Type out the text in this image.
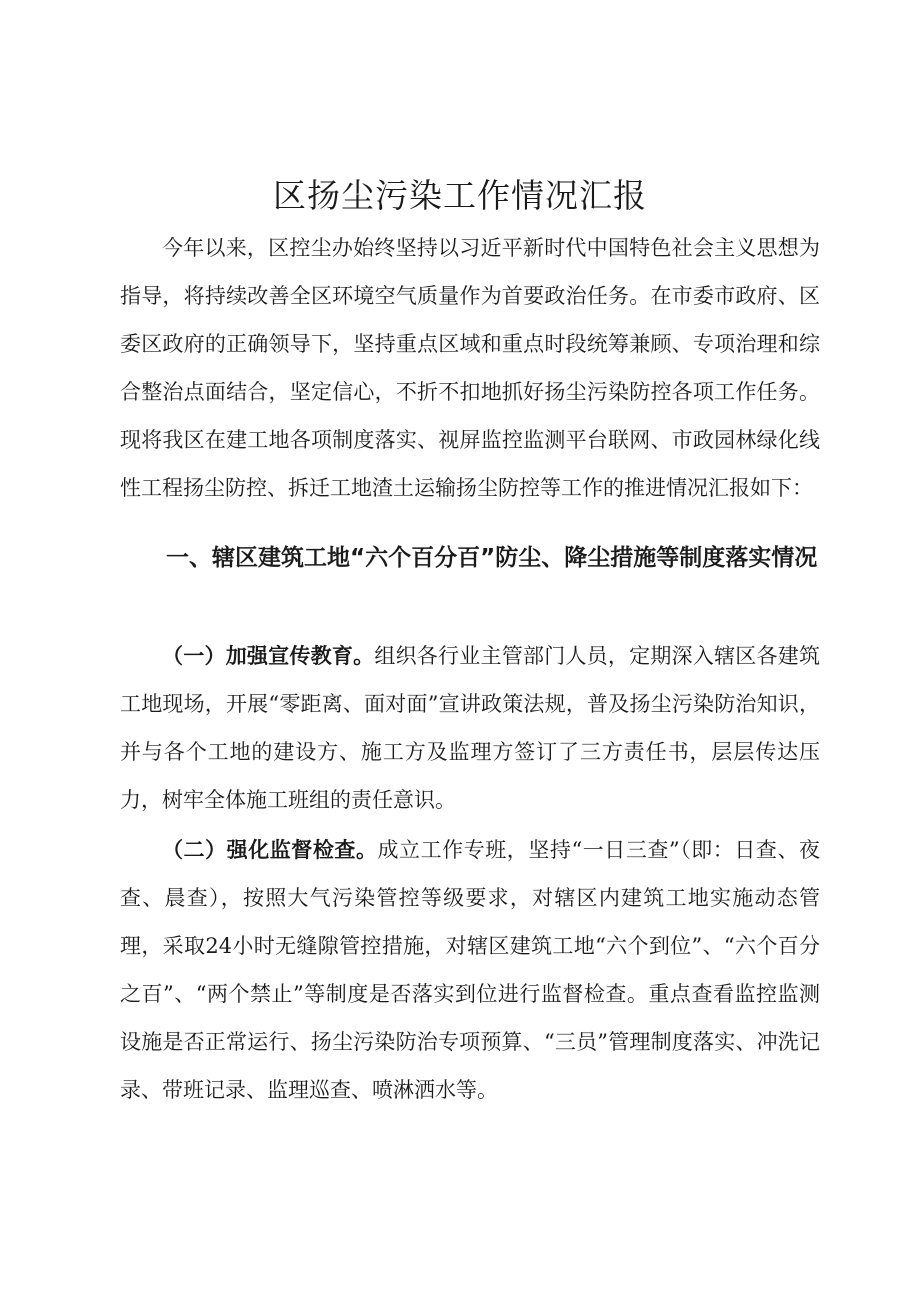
区扬尘污染工作情况汇报

今年以来，区控尘办始终坚持以习近平新时代中国特色社会主义思想为指导，将持续改善全区环境空气质量作为首要政治任务。在市委市政府、区委区政府的正确领导下，坚持重点区域和重点时段统筹兼顾、专项治理和综合整治点面结合，坚定信心，不折不扣地抓好扬尘污染防控各项工作任务。现将我区在建工地各项制度落实、视屏监控监测平台联网、市政园林绿化线性工程扬尘防控、拆迁工地渣土运输扬尘防控等工作的推进情况汇报如下：

一、辖区建筑工地“六个百分百”防尘、降尘措施等制度落实情况

（一）加强宣传教育。组织各行业主管部门人员，定期深入辖区各建筑工地现场，开展“零距离、面对面”宣讲政策法规，普及扬尘污染防治知识，并与各个工地的建设方、施工方及监理方签订了三方责任书，层层传达压力，树牢全体施工班组的责任意识。

（二）强化监督检查。成立工作专班，坚持“一日三查”（即：日查、夜查、晨查），按照大气污染管控等级要求，对辖区内建筑工地实施动态管理，采取24小时无缝隙管控措施，对辖区建筑工地“六个到位”、“六个百分之百”、“两个禁止”等制度是否落实到位进行监督检查。重点查看监控监测设施是否正常运行、扬尘污染防治专项预算、“三员”管理制度落实、冲洗记录、带班记录、监理巡查、喷淋洒水等。
